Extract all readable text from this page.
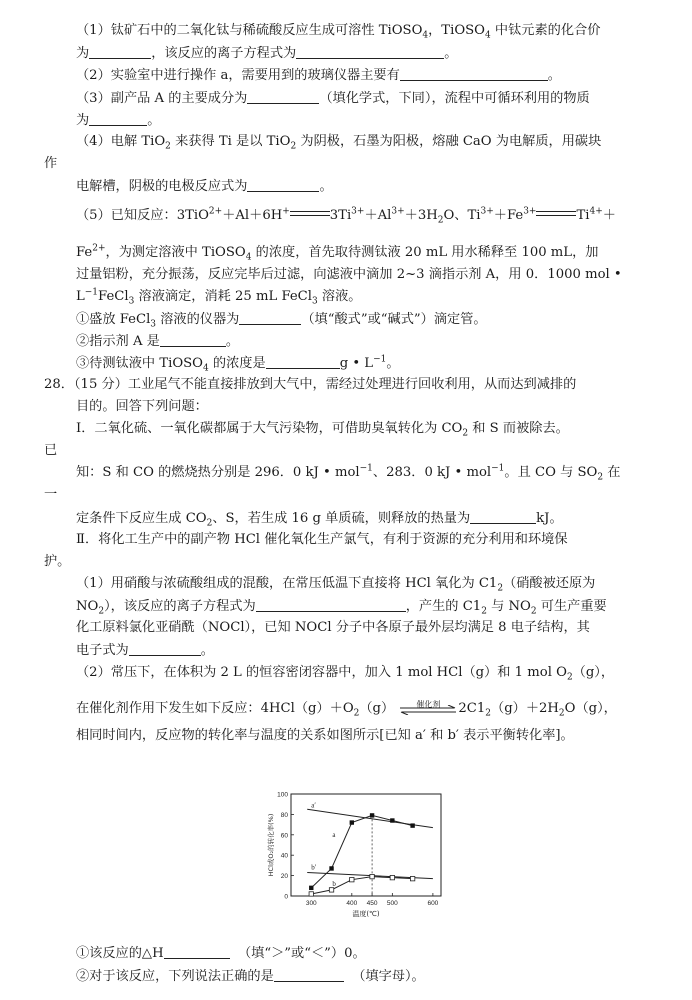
（1）钛矿石中的二氧化钛与稀硫酸反应生成可溶性 TiOSO$_4$，TiOSO$_4$ 中钛元素的化合价
为	，该反应的离子方程式为	。
（2）实验室中进行操作 a，需要用到的玻璃仪器主要有	。
（3）副产品 A 的主要成分为	（填化学式，下同），流程中可循环利用的物质
为	。
（4）电解 TiO$_2$ 来获得 Ti 是以 TiO$_2$ 为阴极，石墨为阳极，熔融 CaO 为电解质，用碳块
作
电解槽，阴极的电极反应式为	。
（5）已知反应：3TiO$^{2+}$＋Al＋6H+	$3Ti^{3+}+Al^{3+}+3H_2O$、$Ti^{3+}+Fe^{3+}$	$Ti^{4+}+$
$Fe^{2+}$，为测定溶液中 TiOSO$_4$ 的浓度，首先取待测钛液 20 mL 用水稀释至 100 mL，加
过量铝粉，充分振荡，反应完毕后过滤，向滤液中滴加 2~3 滴指示剂 A，用 0．1000 mol •
$L^{-1}FeCl_3$ 溶液滴定，消耗 25 mL FeCl$_3$ 溶液。
①盛放 FeCl$_3$ 溶液的仪器为	（填“酸式”或“碱式”）滴定管。
②指示剂 A 是	。
③待测钛液中 TiOSO$_4$ 的浓度是	g • $L^{-1}$。
28．（15 分）工业尾气不能直接排放到大气中，需经过处理进行回收利用，从而达到减排的
目的。回答下列问题：
Ⅰ．二氧化硫、一氧化碳都属于大气污染物，可借助臭氧转化为 $CO_2$ 和 S 而被除去。
已
知：S 和 CO 的燃烧热分别是 296．0 kJ • mol$^{-1}$、283．0 kJ • mol$^{-1}$。且 CO 与 $SO_2$ 在
一
定条件下反应生成 $CO_2$、S，若生成 16 g 单质硫，则释放的热量为	kJ。
Ⅱ．将化工生产中的副产物 HCl 催化氧化生产氯气，有利于资源的充分利用和环境保
护。
（1）用硝酸与浓硫酸组成的混酸，在常压低温下直接将 HCl 氧化为 $C1_2$（硝酸被还原为
$NO_2$），该反应的离子方程式为	，产生的 $C1_2$ 与 $NO_2$ 可生产重要
化工原料氯化亚硝酰（NOCl），已知 NOCl 分子中各原子最外层均满足 8 电子结构，其
电子式为	。
（2）常压下，在体积为 2 L 的恒容密闭容器中，加入 1 mol HCl（g）和 1 mol $O_2(g)$，
在催化剂作用下发生如下反应：$4HCl(g)+O_2(g)$	催化剂	$2C1_2(g)+2H_2O(g)$，
相同时间内，反应物的转化率与温度的关系如图所示[已知 a′ 和 b′ 表示平衡转化率]。
0
20
40
60
80
100
300	400 450 500	600
温度(℃)
HCl或O₂的转化率(%)
a′
a
b′
b
①该反应的△H	（填“＞”或“＜”）0。
②对于该反应，下列说法正确的是	（填字母）。
